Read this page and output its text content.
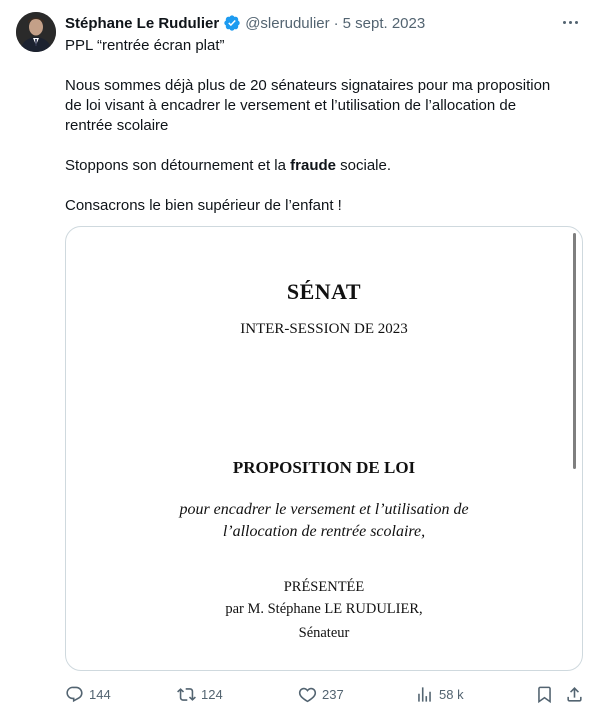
Stéphane Le Rudulier @slerudulier · 5 sept. 2023

PPL “rentrée écran plat”

Nous sommes déjà plus de 20 sénateurs signataires pour ma proposition

de loi visant à encadrer le versement et l’utilisation de l’allocation de

rentrée scolaire

Stoppons son détournement et la fraude sociale.

Consacrons le bien supérieur de l’enfant !

SÉNAT
INTER-SESSION DE 2023
PROPOSITION DE LOI
pour encadrer le versement et l’utilisation de
l’allocation de rentrée scolaire,
PRÉSENTÉE
par M. Stéphane LE RUDULIER,
Sénateur
144	124	237	58 k
